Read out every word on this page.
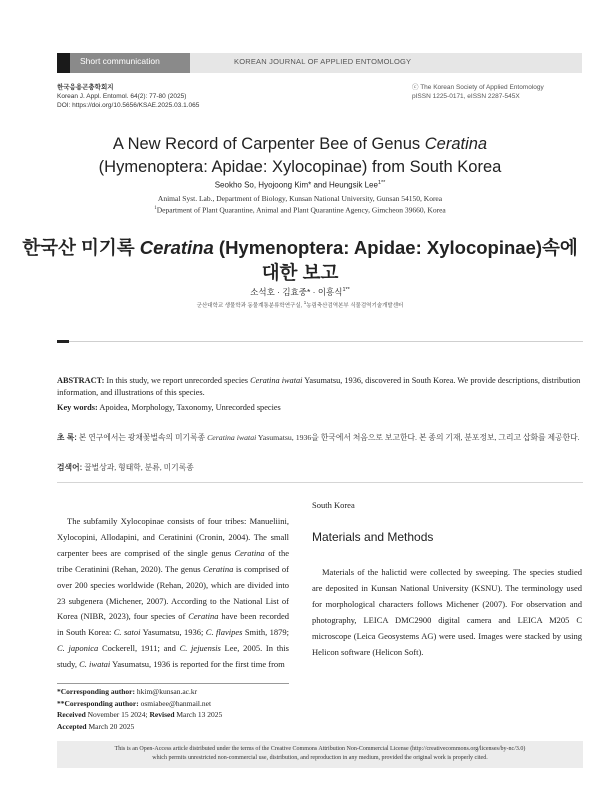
Short communication	KOREAN JOURNAL OF APPLIED ENTOMOLOGY
한국응용곤충학회지
Korean J. Appl. Entomol. 64(2): 77-80 (2025)
DOI: https://doi.org/10.5656/KSAE.2025.03.1.065
ⓒ The Korean Society of Applied Entomology
pISSN 1225-0171, eISSN 2287-545X
A New Record of Carpenter Bee of Genus Ceratina
(Hymenoptera: Apidae: Xylocopinae) from South Korea
Seokho So, Hyojoong Kim* and Heungsik Lee$^{1**}$
Animal Syst. Lab., Department of Biology, Kunsan National University, Gunsan 54150, Korea
$^1$Department of Plant Quarantine, Animal and Plant Quarantine Agency, Gimcheon 39660, Korea
한국산 미기록 Ceratina (Hymenoptera: Apidae: Xylocopinae)속에
대한 보고
소석호 · 김효중* · 이흥식$^{1**}$
군산대학교 생물학과 동물계통분류학연구실, $^1$농림축산검역본부 식물검역기술개발센터
ABSTRACT: In this study, we report unrecorded species Ceratina iwatai Yasumatsu, 1936, discovered in South Korea. We provide descriptions, distribution information, and illustrations of this species.
Key words: Apoidea, Morphology, Taxonomy, Unrecorded species
초 록: 본 연구에서는 광채꽃벌속의 미기록종 Ceratina iwatai Yasumatsu, 1936을 한국에서 처음으로 보고한다. 본 종의 기재, 분포정보, 그리고 삽화를 제공한다.
검색어: 꿀벌상과, 형태학, 분류, 미기록종
The subfamily Xylocopinae consists of four tribes: Manueliini, Xylocopini, Allodapini, and Ceratinini (Cronin, 2004). The small carpenter bees are comprised of the single genus Ceratina of the tribe Ceratinini (Rehan, 2020). The genus Ceratina is comprised of over 200 species worldwide (Rehan, 2020), which are divided into 23 subgenera (Michener, 2007). According to the National List of Korea (NIBR, 2023), four species of Ceratina have been recorded in South Korea: C. satoi Yasumatsu, 1936; C. flavipes Smith, 1879; C. japonica Cockerell, 1911; and C. jejuensis Lee, 2005. In this study, C. iwatai Yasumatsu, 1936 is reported for the first time from
South Korea
Materials and Methods
Materials of the halictid were collected by sweeping. The species studied are deposited in Kunsan National University (KSNU). The terminology used for morphological characters follows Michener (2007). For observation and photography, LEICA DMC2900 digital camera and LEICA M205 C microscope (Leica Geosystems AG) were used. Images were stacked by using Helicon software (Helicon Soft).
*Corresponding author: hkim@kunsan.ac.kr
**Corresponding author: osmiabee@hanmail.net
Received November 15 2024; Revised March 13 2025
Accepted March 20 2025
This is an Open-Access article distributed under the terms of the Creative Commons Attribution Non-Commercial License (http://creativecommons.org/licenses/by-nc/3.0)
which permits unrestricted non-commercial use, distribution, and reproduction in any medium, provided the original work is properly cited.
